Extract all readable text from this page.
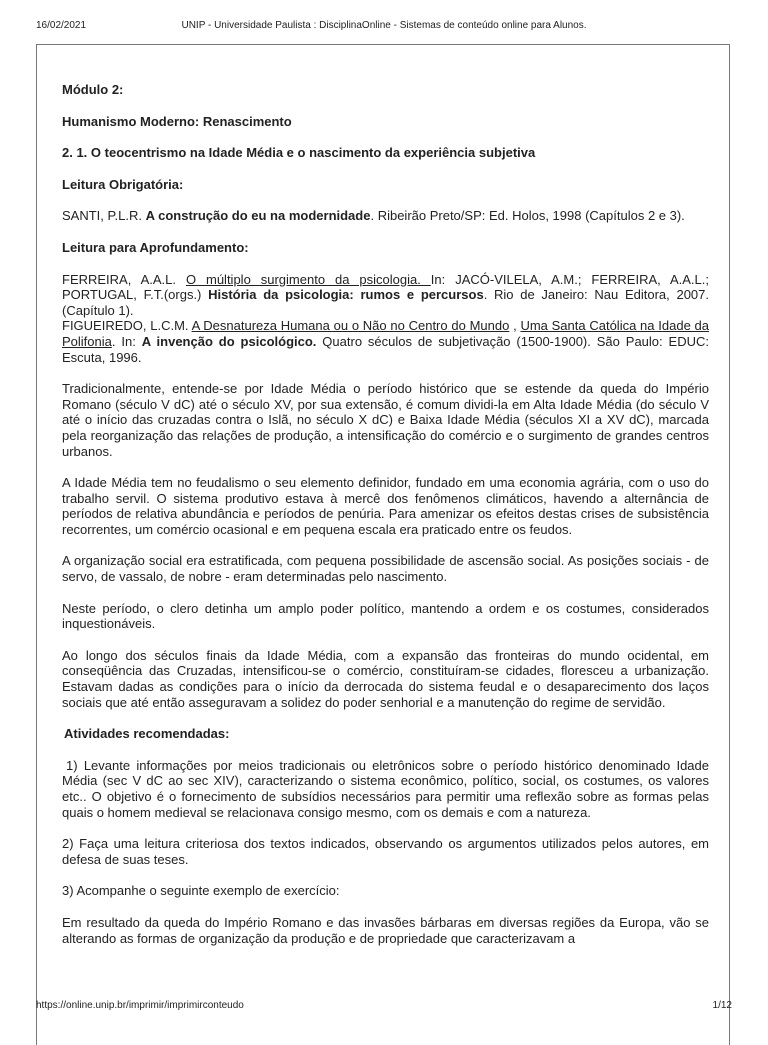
16/02/2021	UNIP - Universidade Paulista : DisciplinaOnline - Sistemas de conteúdo online para Alunos.

Módulo 2:

Humanismo Moderno: Renascimento

2. 1. O teocentrismo na Idade Média e o nascimento da experiência subjetiva

Leitura Obrigatória:

SANTI, P.L.R. A construção do eu na modernidade. Ribeirão Preto/SP: Ed. Holos, 1998 (Capítulos 2 e 3).

Leitura para Aprofundamento:

FERREIRA, A.A.L. O múltiplo surgimento da psicologia. In: JACÓ-VILELA, A.M.; FERREIRA, A.A.L.; PORTUGAL, F.T.(orgs.) História da psicologia: rumos e percursos. Rio de Janeiro: Nau Editora, 2007. (Capítulo 1).

FIGUEIREDO, L.C.M. A Desnatureza Humana ou o Não no Centro do Mundo , Uma Santa Católica na Idade da Polifonia. In: A invenção do psicológico. Quatro séculos de subjetivação (1500-1900). São Paulo: EDUC: Escuta, 1996.

Tradicionalmente, entende-se por Idade Média o período histórico que se estende da queda do Império Romano (século V dC) até o século XV, por sua extensão, é comum dividi-la em Alta Idade Média (do século V até o início das cruzadas contra o Islã, no século X dC) e Baixa Idade Média (séculos XI a XV dC), marcada pela reorganização das relações de produção, a intensificação do comércio e o surgimento de grandes centros urbanos.

A Idade Média tem no feudalismo o seu elemento definidor, fundado em uma economia agrária, com o uso do trabalho servil. O sistema produtivo estava à mercê dos fenômenos climáticos, havendo a alternância de períodos de relativa abundância e períodos de penúria. Para amenizar os efeitos destas crises de subsistência recorrentes, um comércio ocasional e em pequena escala era praticado entre os feudos.

A organização social era estratificada, com pequena possibilidade de ascensão social. As posições sociais - de servo, de vassalo, de nobre - eram determinadas pelo nascimento.

Neste período, o clero detinha um amplo poder político, mantendo a ordem e os costumes, considerados inquestionáveis.

Ao longo dos séculos finais da Idade Média, com a expansão das fronteiras do mundo ocidental, em conseqüência das Cruzadas, intensificou-se o comércio, constituíram-se cidades, floresceu a urbanização. Estavam dadas as condições para o início da derrocada do sistema feudal e o desaparecimento dos laços sociais que até então asseguravam a solidez do poder senhorial e a manutenção do regime de servidão.

Atividades recomendadas:

1) Levante informações por meios tradicionais ou eletrônicos sobre o período histórico denominado Idade Média (sec V dC ao sec XIV), caracterizando o sistema econômico, político, social, os costumes, os valores etc.. O objetivo é o fornecimento de subsídios necessários para permitir uma reflexão sobre as formas pelas quais o homem medieval se relacionava consigo mesmo, com os demais e com a natureza.

2) Faça uma leitura criteriosa dos textos indicados, observando os argumentos utilizados pelos autores, em defesa de suas teses.

3) Acompanhe o seguinte exemplo de exercício:

Em resultado da queda do Império Romano e das invasões bárbaras em diversas regiões da Europa, vão se alterando as formas de organização da produção e de propriedade que caracterizavam a

https://online.unip.br/imprimir/imprimirconteudo	1/12
